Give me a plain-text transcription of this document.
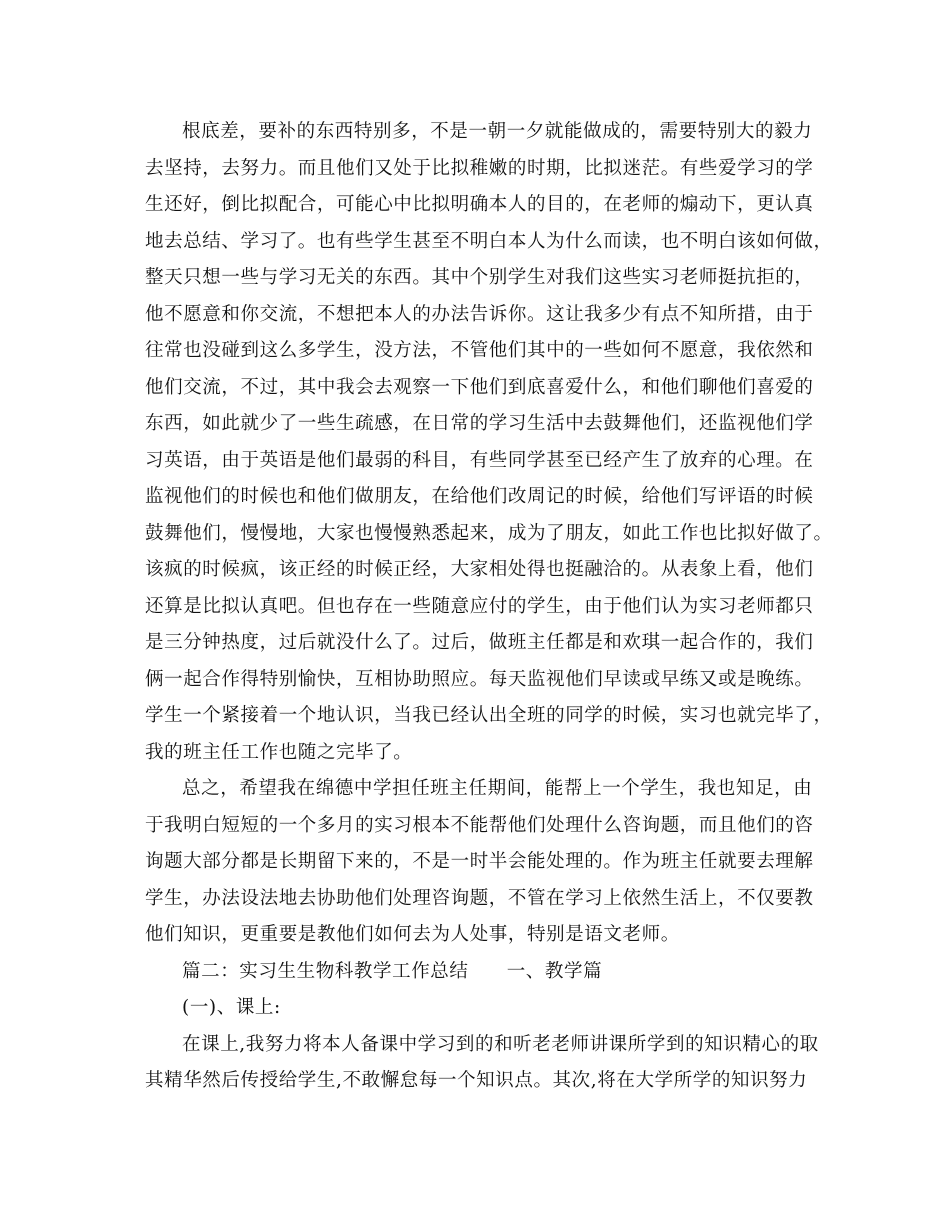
根底差，要补的东西特别多，不是一朝一夕就能做成的，需要特别大的毅力
去坚持，去努力。而且他们又处于比拟稚嫩的时期，比拟迷茫。有些爱学习的学
生还好，倒比拟配合，可能心中比拟明确本人的目的，在老师的煽动下，更认真
地去总结、学习了。也有些学生甚至不明白本人为什么而读，也不明白该如何做，
整天只想一些与学习无关的东西。其中个别学生对我们这些实习老师挺抗拒的，
他不愿意和你交流，不想把本人的办法告诉你。这让我多少有点不知所措，由于
往常也没碰到这么多学生，没方法，不管他们其中的一些如何不愿意，我依然和
他们交流，不过，其中我会去观察一下他们到底喜爱什么，和他们聊他们喜爱的
东西，如此就少了一些生疏感，在日常的学习生活中去鼓舞他们，还监视他们学
习英语，由于英语是他们最弱的科目，有些同学甚至已经产生了放弃的心理。在
监视他们的时候也和他们做朋友，在给他们改周记的时候，给他们写评语的时候
鼓舞他们，慢慢地，大家也慢慢熟悉起来，成为了朋友，如此工作也比拟好做了。
该疯的时候疯，该正经的时候正经，大家相处得也挺融洽的。从表象上看，他们
还算是比拟认真吧。但也存在一些随意应付的学生，由于他们认为实习老师都只
是三分钟热度，过后就没什么了。过后，做班主任都是和欢琪一起合作的，我们
俩一起合作得特别愉快，互相协助照应。每天监视他们早读或早练又或是晚练。
学生一个紧接着一个地认识，当我已经认出全班的同学的时候，实习也就完毕了，
我的班主任工作也随之完毕了。
总之，希望我在绵德中学担任班主任期间，能帮上一个学生，我也知足，由
于我明白短短的一个多月的实习根本不能帮他们处理什么咨询题，而且他们的咨
询题大部分都是长期留下来的，不是一时半会能处理的。作为班主任就要去理解
学生，办法设法地去协助他们处理咨询题，不管在学习上依然生活上，不仅要教
他们知识，更重要是教他们如何去为人处事，特别是语文老师。
篇二：实习生生物科教学工作总结　　一、教学篇
(一)、课上:
在课上,我努力将本人备课中学习到的和听老老师讲课所学到的知识精心的取
其精华然后传授给学生,不敢懈怠每一个知识点。其次,将在大学所学的知识努力
